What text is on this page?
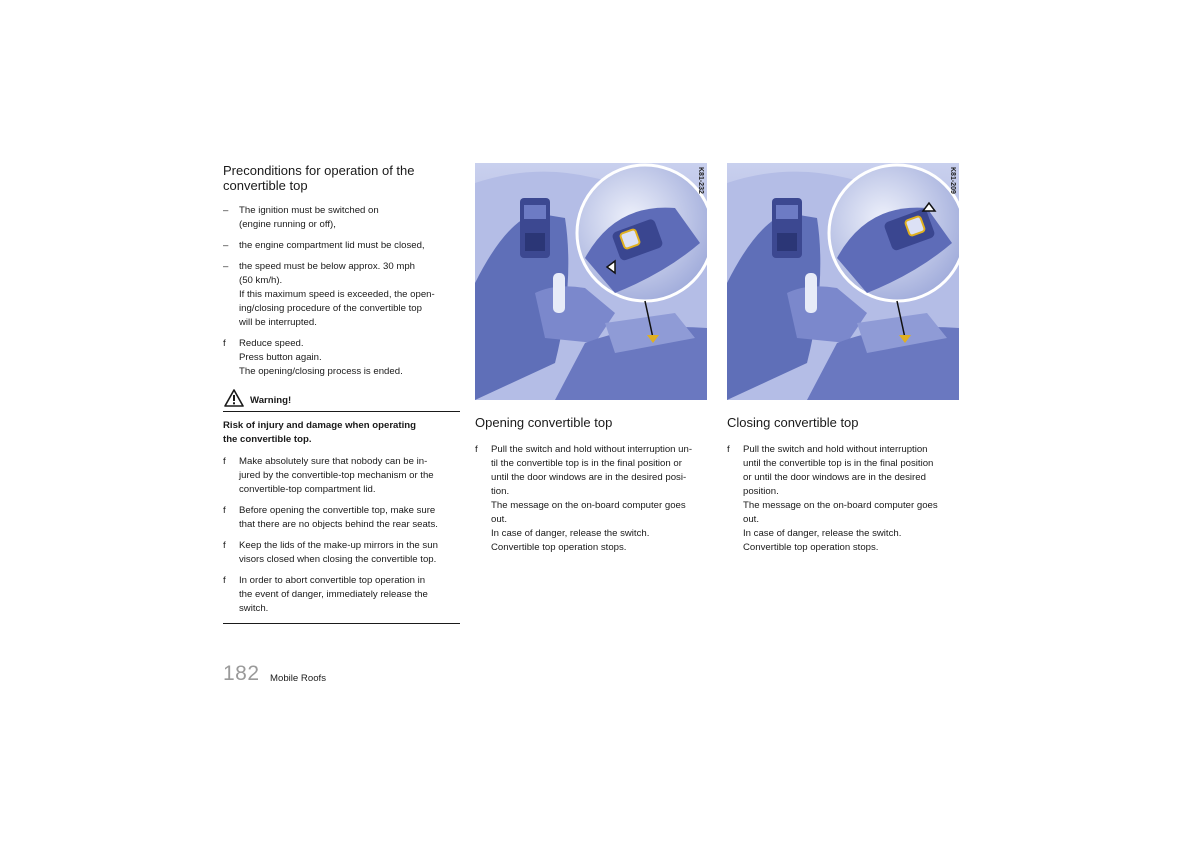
Preconditions for operation of the
convertible top
– The ignition must be switched on
(engine running or off),
– the engine compartment lid must be closed,
– the speed must be below approx. 30 mph
(50 km/h).
If this maximum speed is exceeded, the open-
ing/closing procedure of the convertible top
will be interrupted.
f Reduce speed.
Press button again.
The opening/closing process is ended.
Warning!
Risk of injury and damage when operating
the convertible top.
f Make absolutely sure that nobody can be in-
jured by the convertible-top mechanism or the
convertible-top compartment lid.
f Before opening the convertible top, make sure
that there are no objects behind the rear seats.
f Keep the lids of the make-up mirrors in the sun
visors closed when closing the convertible top.
f In order to abort convertible top operation in
the event of danger, immediately release the
switch.
K81-232	K81-209
Opening convertible top
f Pull the switch and hold without interruption un-
til the convertible top is in the final position or
until the door windows are in the desired posi-
tion.
The message on the on-board computer goes
out.
In case of danger, release the switch.
Convertible top operation stops.
Closing convertible top
f Pull the switch and hold without interruption
until the convertible top is in the final position
or until the door windows are in the desired
position.
The message on the on-board computer goes
out.
In case of danger, release the switch.
Convertible top operation stops.
182 Mobile Roofs
